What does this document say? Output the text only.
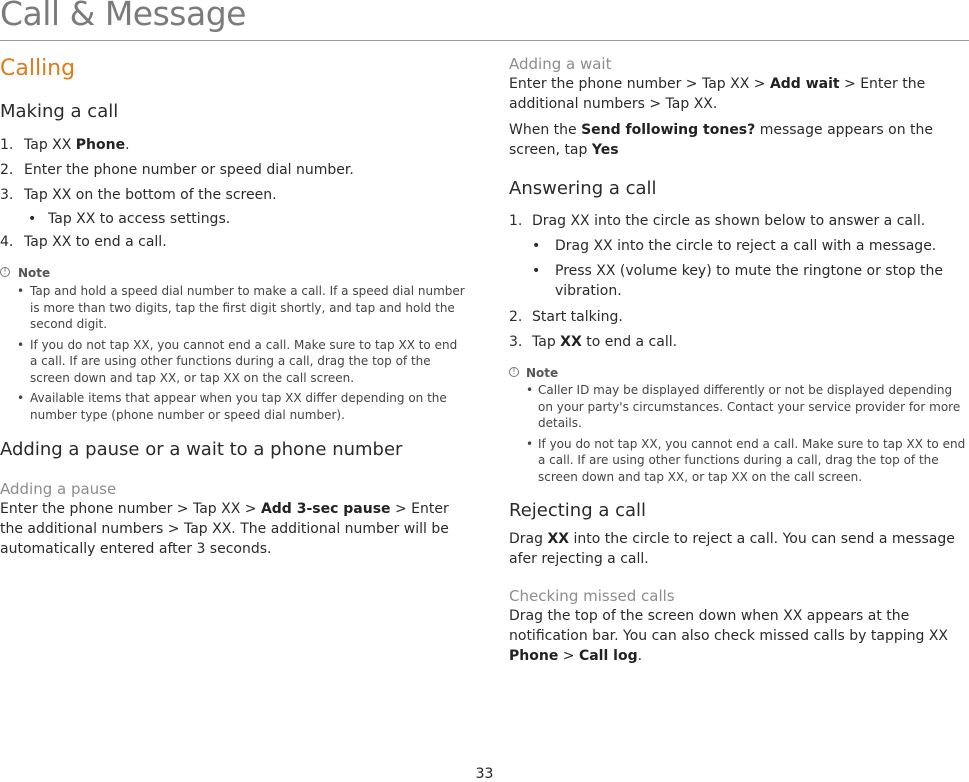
Call & Message
Calling
Making a call
1. Tap XX Phone.
2. Enter the phone number or speed dial number.
3. Tap XX on the bottom of the screen.
• Tap XX to access settings.
4. Tap XX to end a call.
! Note
• Tap and hold a speed dial number to make a call. If a speed dial number is more than two digits, tap the first digit shortly, and tap and hold the second digit.
• If you do not tap XX, you cannot end a call. Make sure to tap XX to end a call. If are using other functions during a call, drag the top of the screen down and tap XX, or tap XX on the call screen.
• Available items that appear when you tap XX differ depending on the number type (phone number or speed dial number).
Adding a pause or a wait to a phone number
Adding a pause
Enter the phone number > Tap XX > Add 3-sec pause > Enter the additional numbers > Tap XX. The additional number will be automatically entered after 3 seconds.
Adding a wait
Enter the phone number > Tap XX > Add wait > Enter the additional numbers > Tap XX.
When the Send following tones? message appears on the screen, tap Yes
Answering a call
1. Drag XX into the circle as shown below to answer a call.
• Drag XX into the circle to reject a call with a message.
• Press XX (volume key) to mute the ringtone or stop the vibration.
2. Start talking.
3. Tap XX to end a call.
! Note
• Caller ID may be displayed differently or not be displayed depending on your party's circumstances. Contact your service provider for more details.
• If you do not tap XX, you cannot end a call. Make sure to tap XX to end a call. If are using other functions during a call, drag the top of the screen down and tap XX, or tap XX on the call screen.
Rejecting a call
Drag XX into the circle to reject a call. You can send a message afer rejecting a call.
Checking missed calls
Drag the top of the screen down when XX appears at the notification bar. You can also check missed calls by tapping XX Phone > Call log.
33
